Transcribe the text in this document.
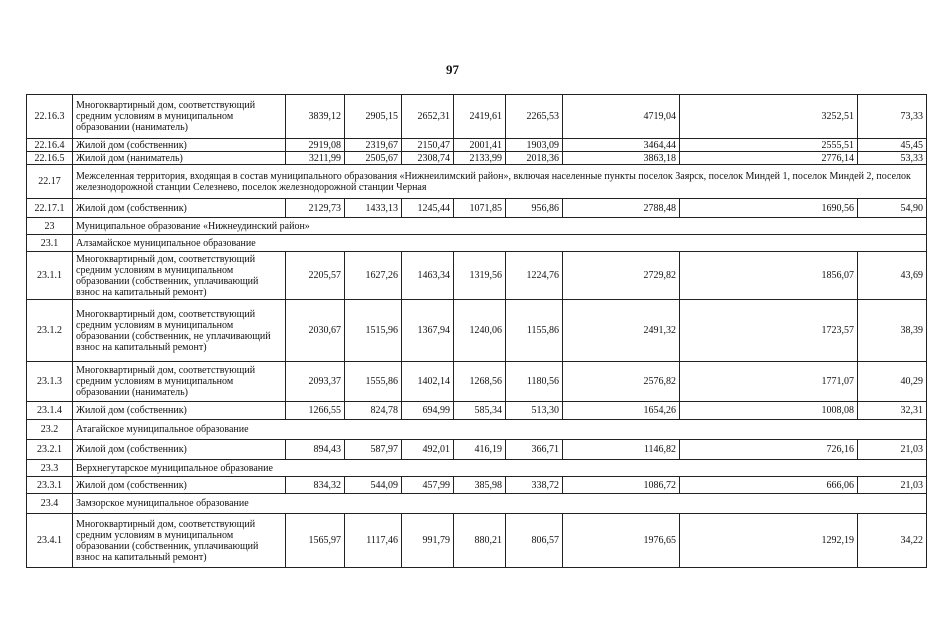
97
22.16.3	Многоквартирный дом, соответствующий средним условиям в муниципальном образовании (наниматель)	3839,12	2905,15	2652,31	2419,61	2265,53	4719,04	3252,51	73,33
22.16.4	Жилой дом (собственник)	2919,08	2319,67	2150,47	2001,41	1903,09	3464,44	2555,51	45,45
22.16.5	Жилой дом (наниматель)	3211,99	2505,67	2308,74	2133,99	2018,36	3863,18	2776,14	53,33
22.17	Межселенная территория, входящая в состав муниципального образования «Нижнеилимский район», включая населенные пункты поселок Заярск, поселок Миндей 1, поселок Миндей 2, поселок железнодорожной станции Селезнево, поселок железнодорожной станции Черная								
22.17.1	Жилой дом (собственник)	2129,73	1433,13	1245,44	1071,85	956,86	2788,48	1690,56	54,90
23	Муниципальное образование «Нижнеудинский район»								
23.1	Алзамайское муниципальное образование								
23.1.1	Многоквартирный дом, соответствующий средним условиям в муниципальном образовании (собственник, уплачивающий взнос на капитальный ремонт)	2205,57	1627,26	1463,34	1319,56	1224,76	2729,82	1856,07	43,69
23.1.2	Многоквартирный дом, соответствующий средним условиям в муниципальном образовании (собственник, не уплачивающий взнос на капитальный ремонт)	2030,67	1515,96	1367,94	1240,06	1155,86	2491,32	1723,57	38,39
23.1.3	Многоквартирный дом, соответствующий средним условиям в муниципальном образовании (наниматель)	2093,37	1555,86	1402,14	1268,56	1180,56	2576,82	1771,07	40,29
23.1.4	Жилой дом (собственник)	1266,55	824,78	694,99	585,34	513,30	1654,26	1008,08	32,31
23.2	Атагайское муниципальное образование								
23.2.1	Жилой дом (собственник)	894,43	587,97	492,01	416,19	366,71	1146,82	726,16	21,03
23.3	Верхнегутарское муниципальное образование								
23.3.1	Жилой дом (собственник)	834,32	544,09	457,99	385,98	338,72	1086,72	666,06	21,03
23.4	Замзорское муниципальное образование								
23.4.1	Многоквартирный дом, соответствующий средним условиям в муниципальном образовании (собственник, уплачивающий взнос на капитальный ремонт)	1565,97	1117,46	991,79	880,21	806,57	1976,65	1292,19	34,22
